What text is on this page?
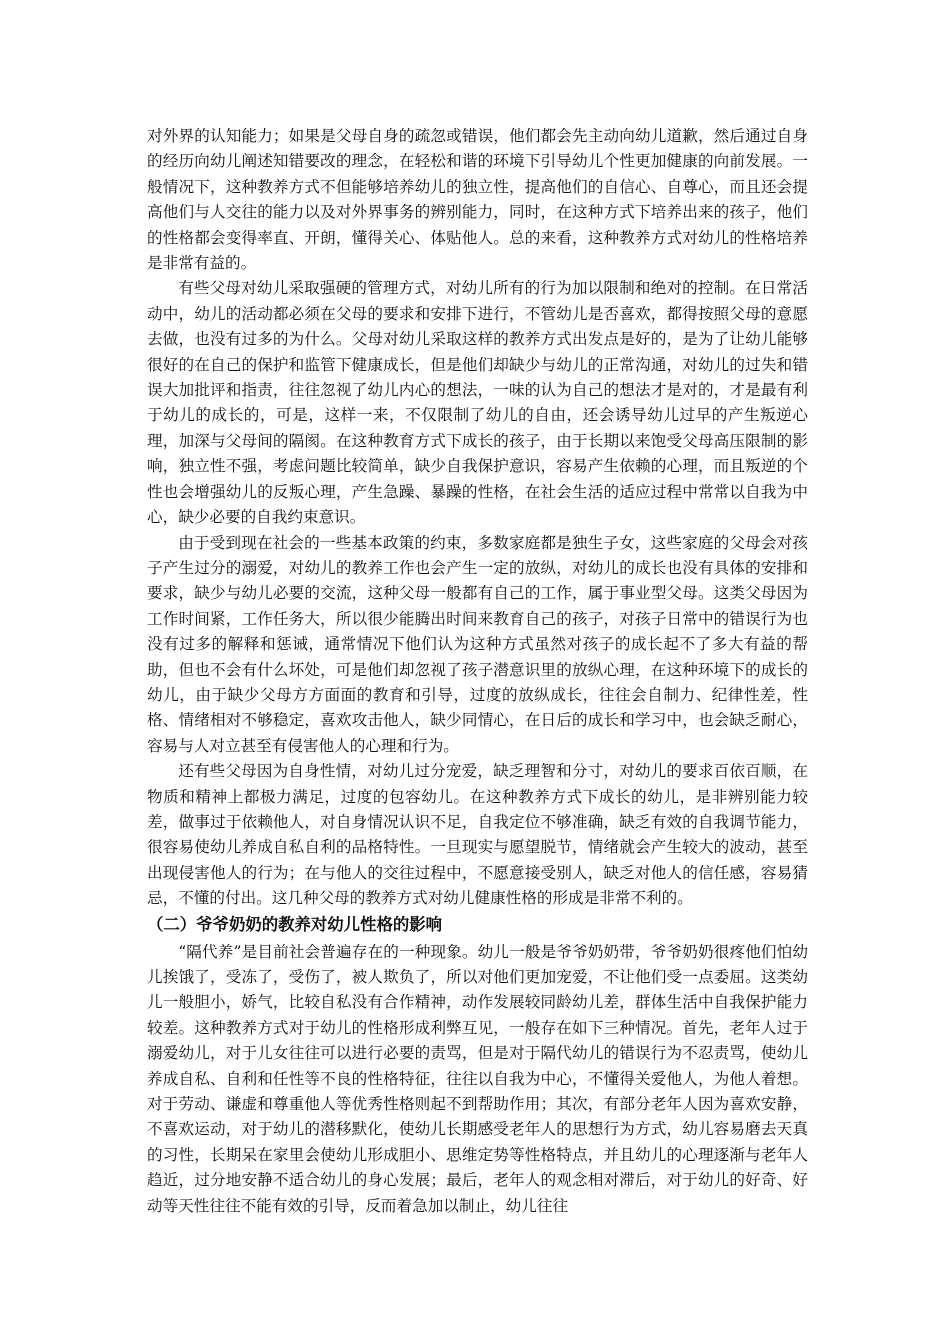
对外界的认知能力；如果是父母自身的疏忽或错误，他们都会先主动向幼儿道歉，然后通过自身的经历向幼儿阐述知错要改的理念，在轻松和谐的环境下引导幼儿个性更加健康的向前发展。一般情况下，这种教养方式不但能够培养幼儿的独立性，提高他们的自信心、自尊心，而且还会提高他们与人交往的能力以及对外界事务的辨别能力，同时，在这种方式下培养出来的孩子，他们的性格都会变得率直、开朗，懂得关心、体贴他人。总的来看，这种教养方式对幼儿的性格培养是非常有益的。

有些父母对幼儿采取强硬的管理方式，对幼儿所有的行为加以限制和绝对的控制。在日常活动中，幼儿的活动都必须在父母的要求和安排下进行，不管幼儿是否喜欢，都得按照父母的意愿去做，也没有过多的为什么。父母对幼儿采取这样的教养方式出发点是好的，是为了让幼儿能够很好的在自己的保护和监管下健康成长，但是他们却缺少与幼儿的正常沟通，对幼儿的过失和错误大加批评和指责，往往忽视了幼儿内心的想法，一味的认为自己的想法才是对的，才是最有利于幼儿的成长的，可是，这样一来，不仅限制了幼儿的自由，还会诱导幼儿过早的产生叛逆心理，加深与父母间的隔阂。在这种教育方式下成长的孩子，由于长期以来饱受父母高压限制的影响，独立性不强，考虑问题比较简单，缺少自我保护意识，容易产生依赖的心理，而且叛逆的个性也会增强幼儿的反叛心理，产生急躁、暴躁的性格，在社会生活的适应过程中常常以自我为中心，缺少必要的自我约束意识。

由于受到现在社会的一些基本政策的约束，多数家庭都是独生子女，这些家庭的父母会对孩子产生过分的溺爱，对幼儿的教养工作也会产生一定的放纵，对幼儿的成长也没有具体的安排和要求，缺少与幼儿必要的交流，这种父母一般都有自己的工作，属于事业型父母。这类父母因为工作时间紧，工作任务大，所以很少能腾出时间来教育自己的孩子，对孩子日常中的错误行为也没有过多的解释和惩诫，通常情况下他们认为这种方式虽然对孩子的成长起不了多大有益的帮助，但也不会有什么坏处，可是他们却忽视了孩子潜意识里的放纵心理，在这种环境下的成长的幼儿，由于缺少父母方方面面的教育和引导，过度的放纵成长，往往会自制力、纪律性差，性格、情绪相对不够稳定，喜欢攻击他人，缺少同情心，在日后的成长和学习中，也会缺乏耐心，容易与人对立甚至有侵害他人的心理和行为。

还有些父母因为自身性情，对幼儿过分宠爱，缺乏理智和分寸，对幼儿的要求百依百顺，在物质和精神上都极力满足，过度的包容幼儿。在这种教养方式下成长的幼儿，是非辨别能力较差，做事过于依赖他人，对自身情况认识不足，自我定位不够准确，缺乏有效的自我调节能力，很容易使幼儿养成自私自利的品格特性。一旦现实与愿望脱节，情绪就会产生较大的波动，甚至出现侵害他人的行为；在与他人的交往过程中，不愿意接受别人，缺乏对他人的信任感，容易猜忌，不懂的付出。这几种父母的教养方式对幼儿健康性格的形成是非常不利的。

（二）爷爷奶奶的教养对幼儿性格的影响

“隔代养”是目前社会普遍存在的一种现象。幼儿一般是爷爷奶奶带，爷爷奶奶很疼他们怕幼儿挨饿了，受冻了，受伤了，被人欺负了，所以对他们更加宠爱，不让他们受一点委屈。这类幼儿一般胆小，娇气，比较自私没有合作精神，动作发展较同龄幼儿差，群体生活中自我保护能力较差。这种教养方式对于幼儿的性格形成利弊互见，一般存在如下三种情况。首先，老年人过于溺爱幼儿，对于儿女往往可以进行必要的责骂，但是对于隔代幼儿的错误行为不忍责骂，使幼儿养成自私、自利和任性等不良的性格特征，往往以自我为中心，不懂得关爱他人，为他人着想。对于劳动、谦虚和尊重他人等优秀性格则起不到帮助作用；其次，有部分老年人因为喜欢安静，不喜欢运动，对于幼儿的潜移默化，使幼儿长期感受老年人的思想行为方式，幼儿容易磨去天真的习性，长期呆在家里会使幼儿形成胆小、思维定势等性格特点，并且幼儿的心理逐渐与老年人趋近，过分地安静不适合幼儿的身心发展；最后，老年人的观念相对滞后，对于幼儿的好奇、好动等天性往往不能有效的引导，反而着急加以制止，幼儿往往
